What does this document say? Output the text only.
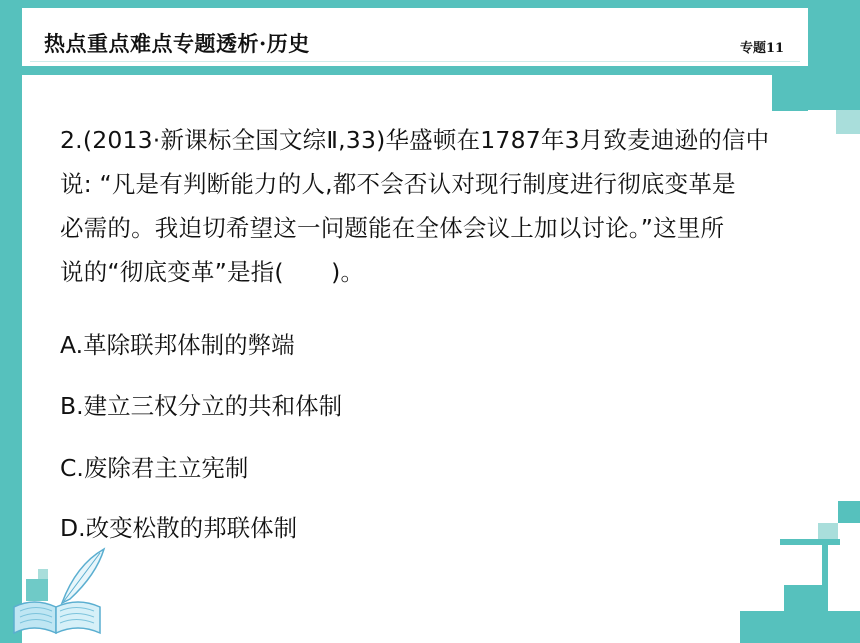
热点重点难点专题透析·历史	专题11
2.(2013·新课标全国文综Ⅱ,33)华盛顿在1787年3月致麦迪逊的信中
说: “凡是有判断能力的人,都不会否认对现行制度进行彻底变革是
必需的。我迫切希望这一问题能在全体会议上加以讨论。”这里所
说的“彻底变革”是指(　　)。
A.革除联邦体制的弊端
B.建立三权分立的共和体制
C.废除君主立宪制
D.改变松散的邦联体制
